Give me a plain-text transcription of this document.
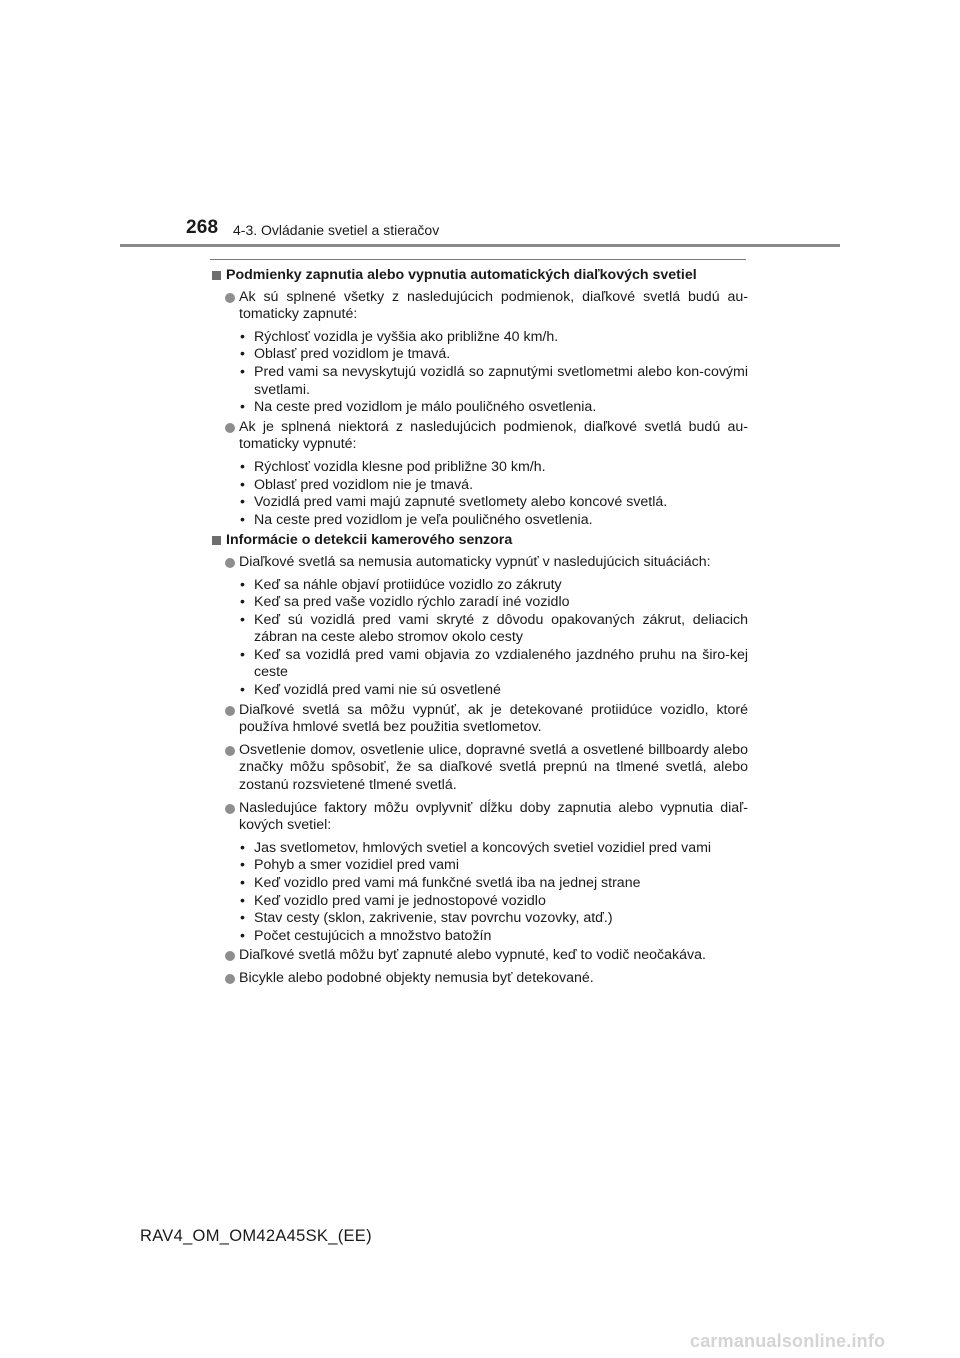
268 4-3. Ovládanie svetiel a stieračov
Podmienky zapnutia alebo vypnutia automatických diaľkových svetiel
Ak sú splnené všetky z nasledujúcich podmienok, diaľkové svetlá budú au-tomaticky zapnuté:
• Rýchlosť vozidla je vyššia ako približne 40 km/h.
• Oblasť pred vozidlom je tmavá.
• Pred vami sa nevyskytujú vozidlá so zapnutými svetlometmi alebo kon-covými svetlami.
• Na ceste pred vozidlom je málo pouličného osvetlenia.
Ak je splnená niektorá z nasledujúcich podmienok, diaľkové svetlá budú au-tomaticky vypnuté:
• Rýchlosť vozidla klesne pod približne 30 km/h.
• Oblasť pred vozidlom nie je tmavá.
• Vozidlá pred vami majú zapnuté svetlomety alebo koncové svetlá.
• Na ceste pred vozidlom je veľa pouličného osvetlenia.
Informácie o detekcii kamerového senzora
Diaľkové svetlá sa nemusia automaticky vypnúť v nasledujúcich situáciách:
• Keď sa náhle objaví protiidúce vozidlo zo zákruty
• Keď sa pred vaše vozidlo rýchlo zaradí iné vozidlo
• Keď sú vozidlá pred vami skryté z dôvodu opakovaných zákrut, deliacich zábran na ceste alebo stromov okolo cesty
• Keď sa vozidlá pred vami objavia zo vzdialeného jazdného pruhu na širo-kej ceste
• Keď vozidlá pred vami nie sú osvetlené
Diaľkové svetlá sa môžu vypnúť, ak je detekované protiidúce vozidlo, ktoré používa hmlové svetlá bez použitia svetlometov.
Osvetlenie domov, osvetlenie ulice, dopravné svetlá a osvetlené billboardy alebo značky môžu spôsobiť, že sa diaľkové svetlá prepnú na tlmené svetlá, alebo zostanú rozsvietené tlmené svetlá.
Nasledujúce faktory môžu ovplyvniť dĺžku doby zapnutia alebo vypnutia diaľ-kových svetiel:
• Jas svetlometov, hmlových svetiel a koncových svetiel vozidiel pred vami
• Pohyb a smer vozidiel pred vami
• Keď vozidlo pred vami má funkčné svetlá iba na jednej strane
• Keď vozidlo pred vami je jednostopové vozidlo
• Stav cesty (sklon, zakrivenie, stav povrchu vozovky, atď.)
• Počet cestujúcich a množstvo batožín
Diaľkové svetlá môžu byť zapnuté alebo vypnuté, keď to vodič neočakáva.
Bicykle alebo podobné objekty nemusia byť detekované.
RAV4_OM_OM42A45SK_(EE)
carmanualsonline.info
